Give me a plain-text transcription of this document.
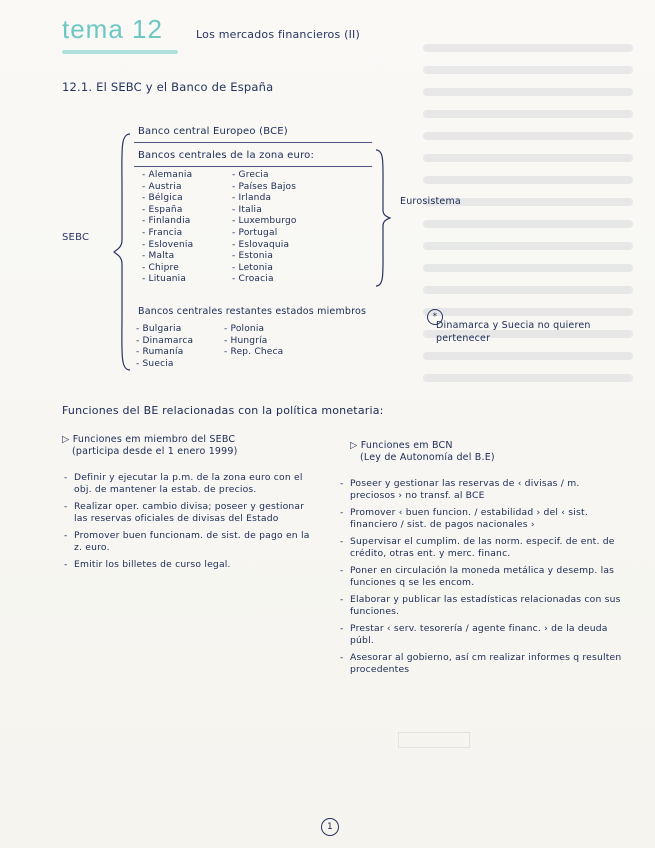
tema 12	Los mercados financieros (II)
12.1. El SEBC y el Banco de España
SEBC
Banco central Europeo (BCE)
Bancos centrales de la zona euro:
- Alemania
- Austria
- Bélgica
- España
- Finlandia
- Francia
- Eslovenia
- Malta
- Chipre
- Lituania
- Grecia
- Países Bajos
- Irlanda
- Italia
- Luxemburgo
- Portugal
- Eslovaquia
- Estonia
- Letonia
- Croacia
Eurosistema
Bancos centrales restantes estados miembros
- Bulgaria
- Dinamarca
- Rumanía
- Suecia
- Polonia
- Hungría
- Rep. Checa
*
Dinamarca y Suecia no quieren pertenecer
Funciones del BE relacionadas con la política monetaria:
▷ Funciones em miembro del SEBC
(participa desde el 1 enero 1999)
- Definir y ejecutar la p.m. de la zona euro con el obj. de mantener la estab. de precios.
- Realizar oper. cambio divisa; poseer y gestionar las reservas oficiales de divisas del Estado
- Promover buen funcionam. de sist. de pago en la z. euro.
- Emitir los billetes de curso legal.
▷ Funciones em BCN
(Ley de Autonomía del B.E)
- Poseer y gestionar las reservas de ‹ divisas / m. preciosos › no transf. al BCE
- Promover ‹ buen funcion. / estabilidad › del ‹ sist. financiero / sist. de pagos nacionales ›
- Supervisar el cumplim. de las norm. especif. de ent. de crédito, otras ent. y merc. financ.
- Poner en circulación la moneda metálica y desemp. las funciones q se les encom.
- Elaborar y publicar las estadísticas relacionadas con sus funciones.
- Prestar ‹ serv. tesorería / agente financ. › de la deuda públ.
- Asesorar al gobierno, así cm realizar informes q resulten procedentes
1
